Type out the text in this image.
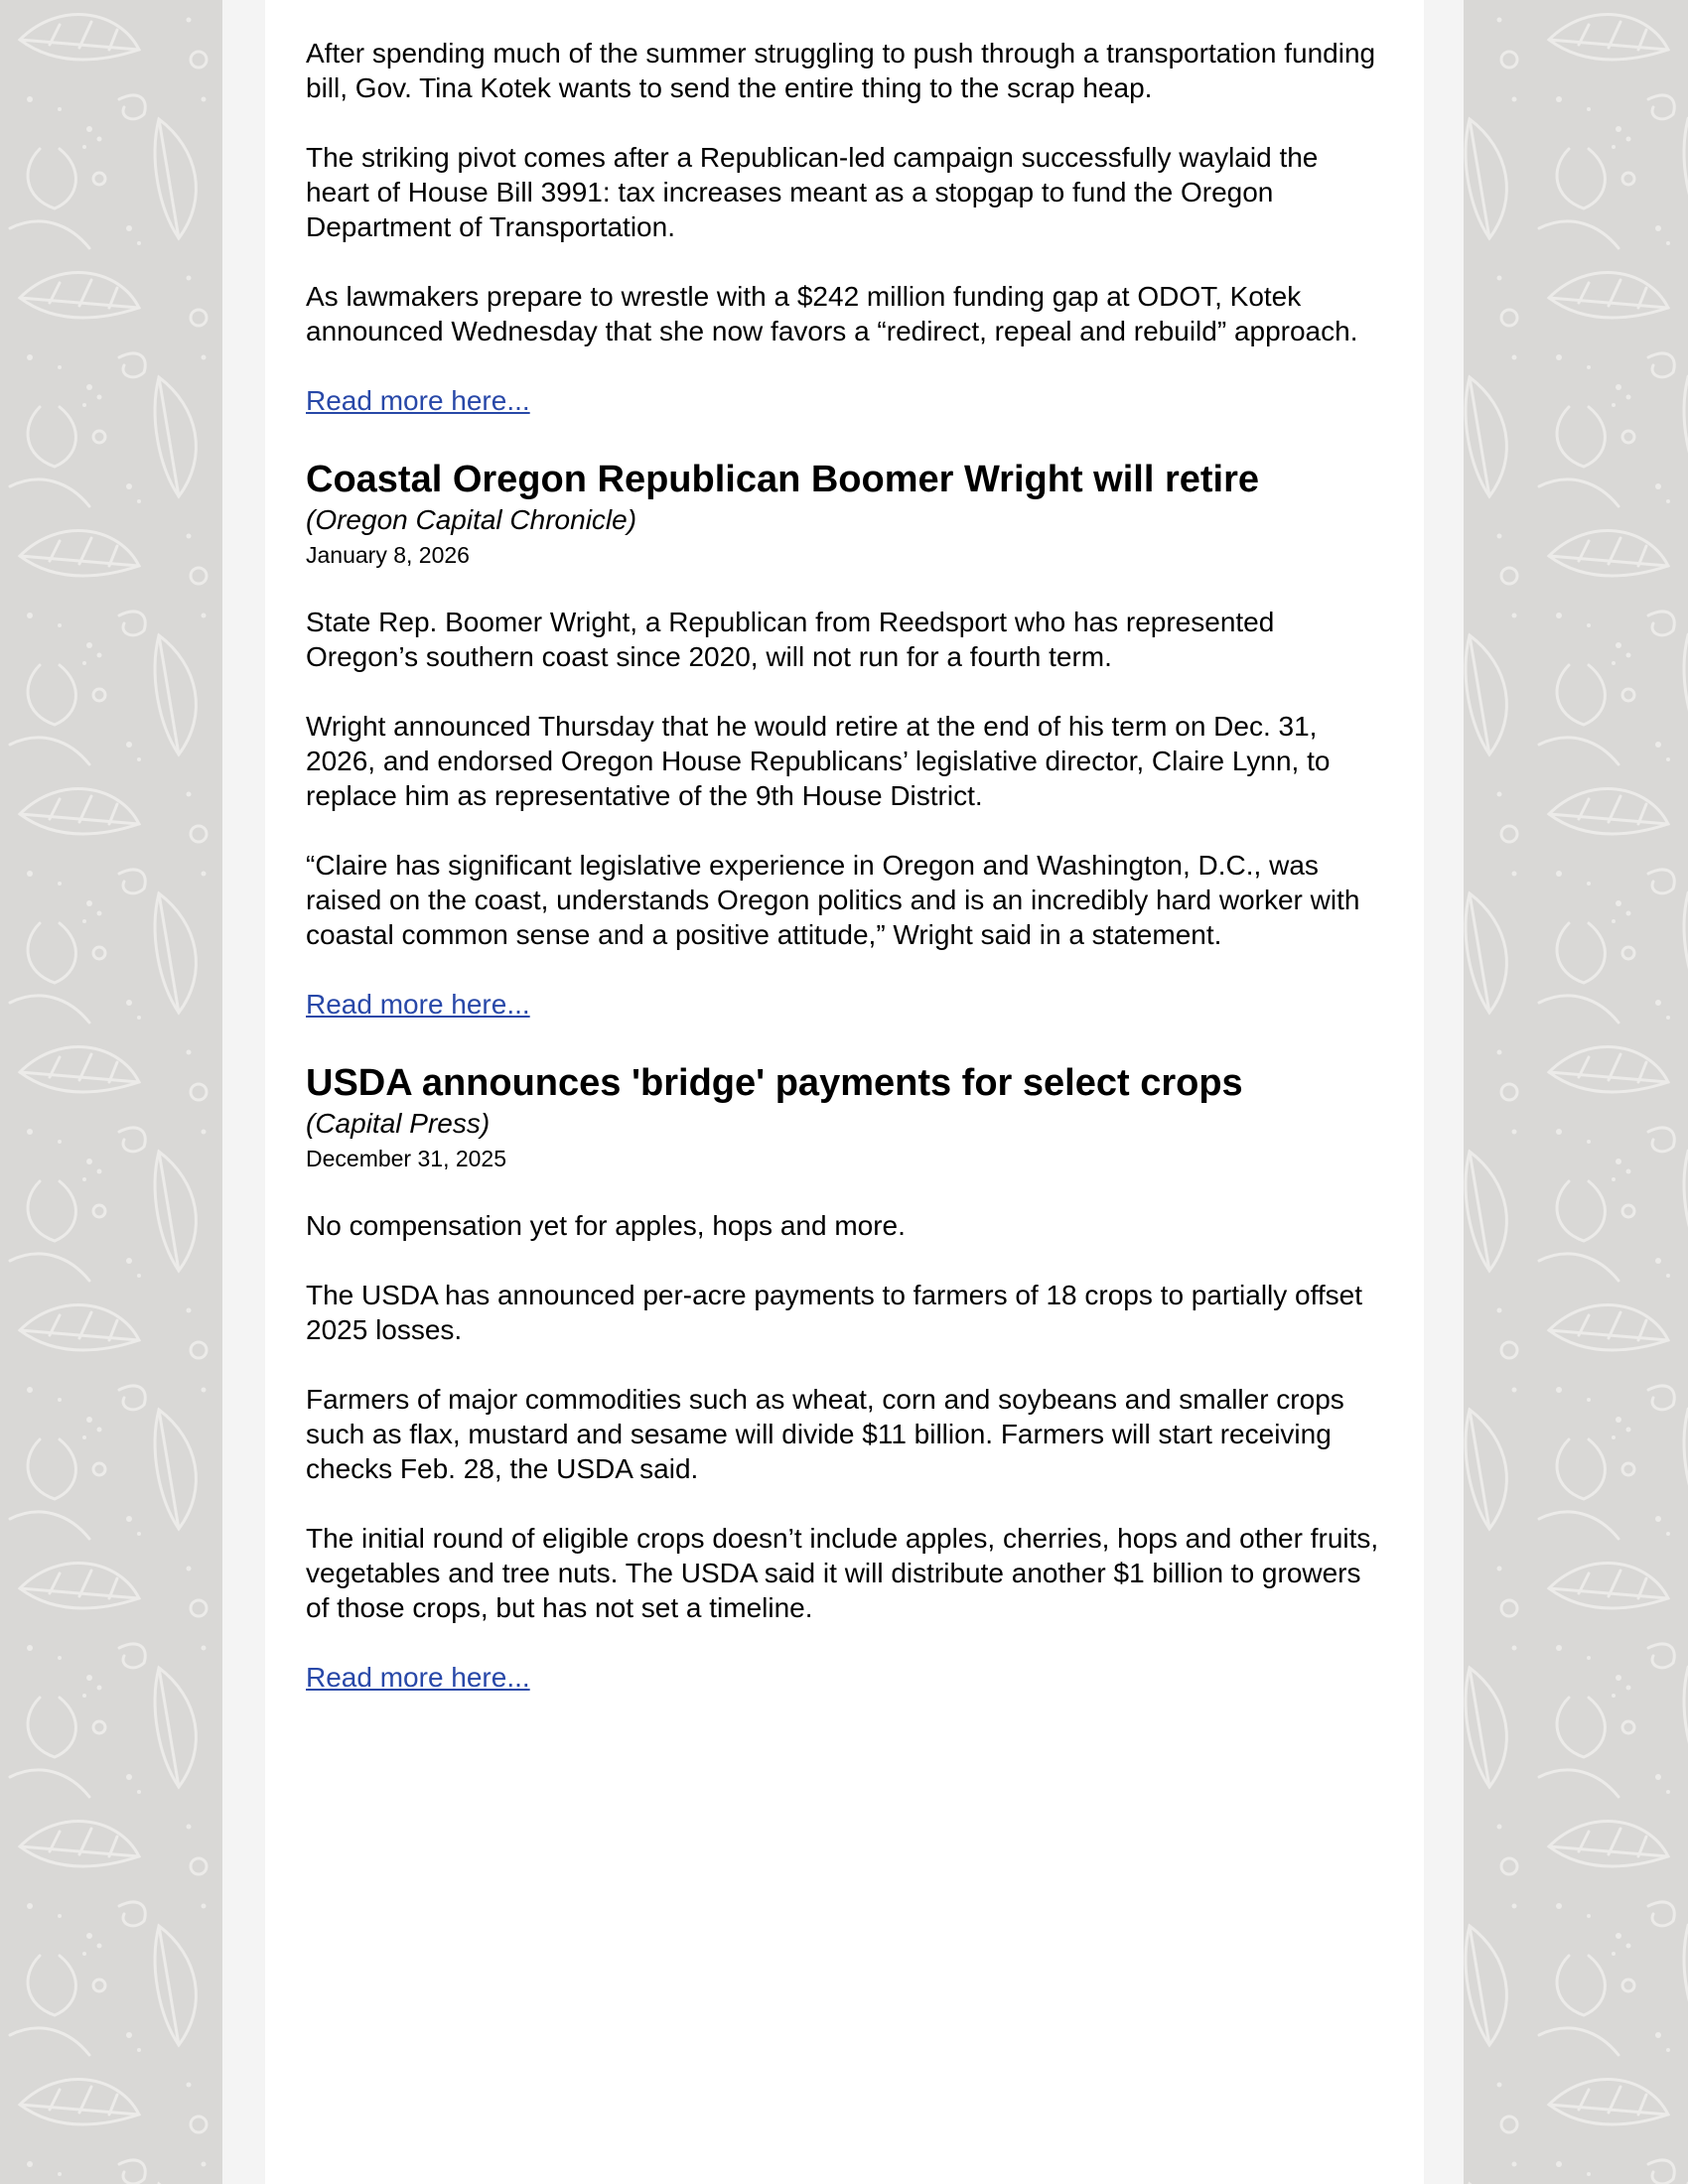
After spending much of the summer struggling to push through a transportation funding bill, Gov. Tina Kotek wants to send the entire thing to the scrap heap.

The striking pivot comes after a Republican-led campaign successfully waylaid the heart of House Bill 3991: tax increases meant as a stopgap to fund the Oregon Department of Transportation.

As lawmakers prepare to wrestle with a $242 million funding gap at ODOT, Kotek announced Wednesday that she now favors a “redirect, repeal and rebuild” approach.

Read more here...
Coastal Oregon Republican Boomer Wright will retire

(Oregon Capital Chronicle)

January 8, 2026

State Rep. Boomer Wright, a Republican from Reedsport who has represented Oregon’s southern coast since 2020, will not run for a fourth term.

Wright announced Thursday that he would retire at the end of his term on Dec. 31, 2026, and endorsed Oregon House Republicans’ legislative director, Claire Lynn, to replace him as representative of the 9th House District.

“Claire has significant legislative experience in Oregon and Washington, D.C., was raised on the coast, understands Oregon politics and is an incredibly hard worker with coastal common sense and a positive attitude,” Wright said in a statement.

Read more here...
USDA announces 'bridge' payments for select crops

(Capital Press)

December 31, 2025

No compensation yet for apples, hops and more.

The USDA has announced per-acre payments to farmers of 18 crops to partially offset 2025 losses.

Farmers of major commodities such as wheat, corn and soybeans and smaller crops such as flax, mustard and sesame will divide $11 billion. Farmers will start receiving checks Feb. 28, the USDA said.

The initial round of eligible crops doesn’t include apples, cherries, hops and other fruits, vegetables and tree nuts. The USDA said it will distribute another $1 billion to growers of those crops, but has not set a timeline.

Read more here...
